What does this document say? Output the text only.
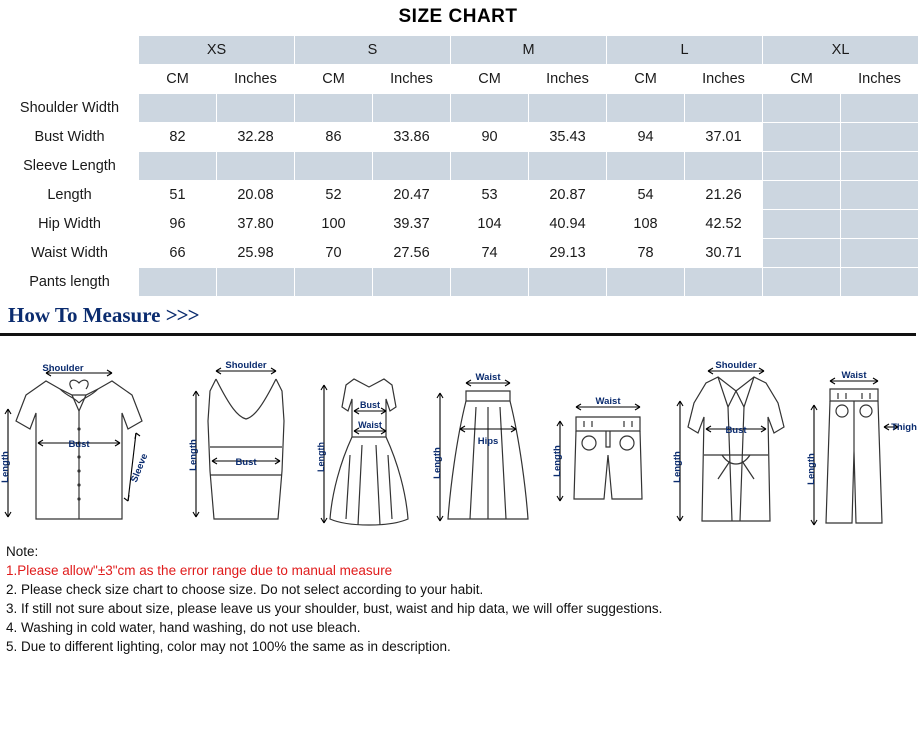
SIZE CHART
	XS		S		M		L		XL	
	CM	Inches	CM	Inches	CM	Inches	CM	Inches	CM	Inches
Shoulder Width										
Bust Width	82	32.28	86	33.86	90	35.43	94	37.01		
Sleeve Length										
Length	51	20.08	52	20.47	53	20.87	54	21.26		
Hip Width	96	37.80	100	39.37	104	40.94	108	42.52		
Waist Width	66	25.98	70	27.56	74	29.13	78	30.71		
Pants length										
How To Measure >>>
Shoulder
Bust
Length	Sleeve
Shoulder
Bust
Length
Bust
Waist
Length
Waist
Hips
Length
Waist
Length
Shoulder
Bust
Length
Waist
Thigh
Length
Note:
1.Please allow"±3"cm as the error range due to manual measure
2. Please check size chart to choose size. Do not select according to your habit.
3. If still not sure about size, please leave us your shoulder, bust, waist and hip data, we will offer suggestions.
4. Washing in cold water, hand washing, do not use bleach.
5. Due to different lighting, color may not 100% the same as in description.
